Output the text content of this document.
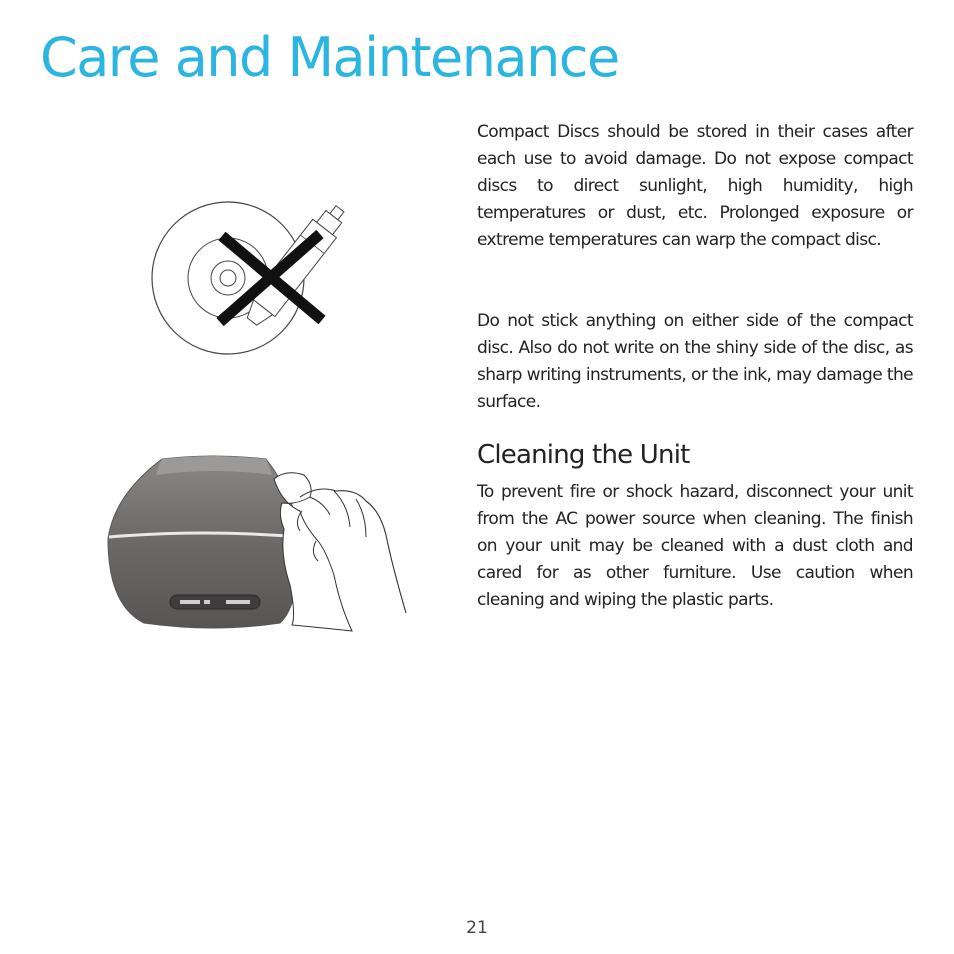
Care and Maintenance

Compact Discs should be stored in their cases after each use to avoid damage. Do not expose compact discs to direct sunlight, high humidity, high temperatures or dust, etc. Prolonged exposure or extreme temperatures can warp the compact disc.

Do not stick anything on either side of the compact disc. Also do not write on the shiny side of the disc, as sharp writing instruments, or the ink, may damage the surface.

Cleaning the Unit

To prevent fire or shock hazard, disconnect your unit from the AC power source when cleaning. The finish on your unit may be cleaned with a dust cloth and cared for as other furniture. Use caution when cleaning and wiping the plastic parts.

21
